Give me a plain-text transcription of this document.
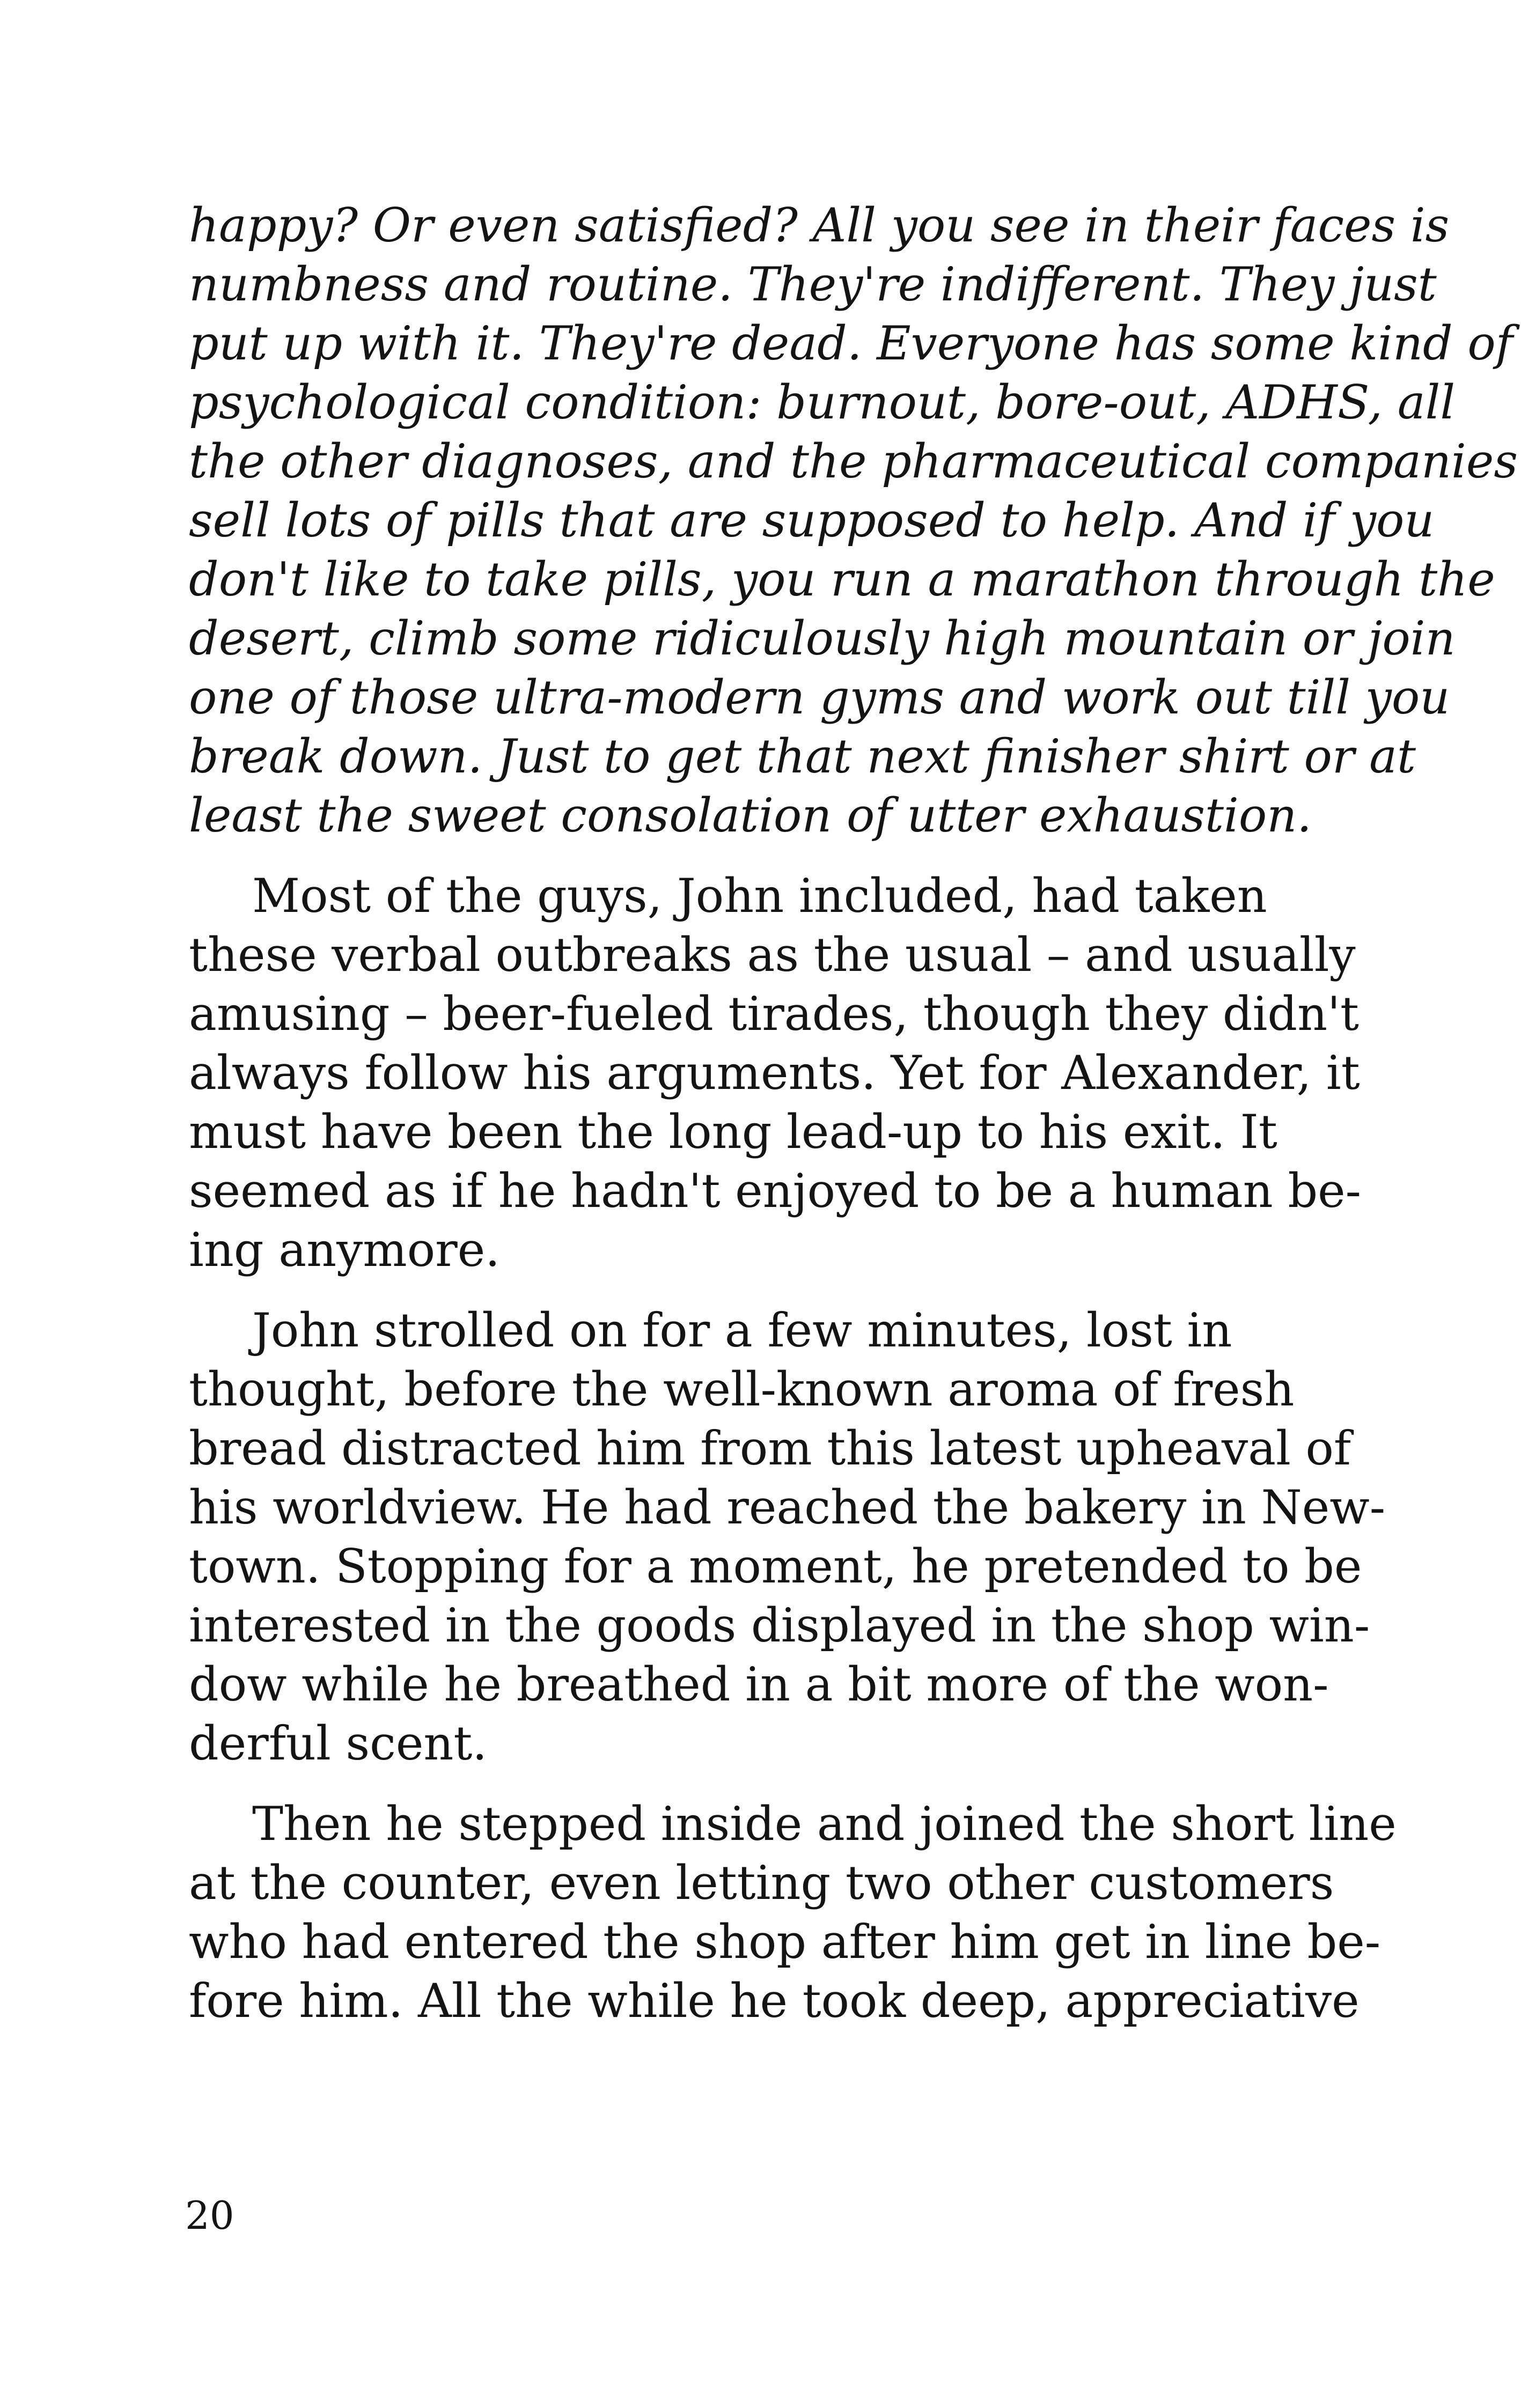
happy? Or even satisfied? All you see in their faces is
numbness and routine. They're indifferent. They just
put up with it. They're dead. Everyone has some kind of
psychological condition: burnout, bore-out, ADHS, all
the other diagnoses, and the pharmaceutical companies
sell lots of pills that are supposed to help. And if you
don't like to take pills, you run a marathon through the
desert, climb some ridiculously high mountain or join
one of those ultra-modern gyms and work out till you
break down. Just to get that next finisher shirt or at
least the sweet consolation of utter exhaustion.
Most of the guys, John included, had taken
these verbal outbreaks as the usual – and usually
amusing – beer-fueled tirades, though they didn't
always follow his arguments. Yet for Alexander, it
must have been the long lead-up to his exit. It
seemed as if he hadn't enjoyed to be a human be-
ing anymore.
John strolled on for a few minutes, lost in
thought, before the well-known aroma of fresh
bread distracted him from this latest upheaval of
his worldview. He had reached the bakery in New-
town. Stopping for a moment, he pretended to be
interested in the goods displayed in the shop win-
dow while he breathed in a bit more of the won-
derful scent.
Then he stepped inside and joined the short line
at the counter, even letting two other customers
who had entered the shop after him get in line be-
fore him. All the while he took deep, appreciative
20
